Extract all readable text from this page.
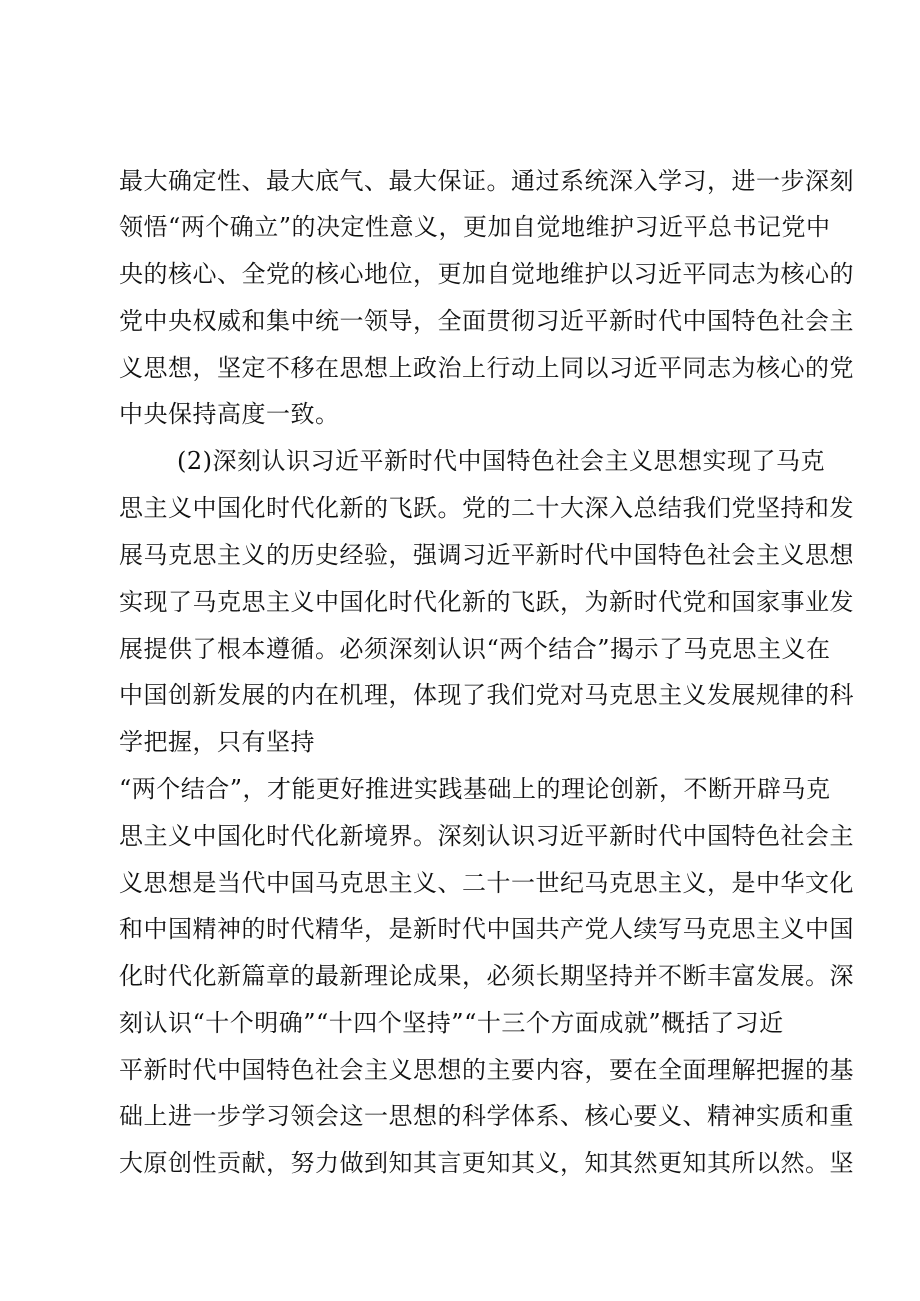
最大确定性、最大底气、最大保证。通过系统深入学习，进一步深刻
领悟“两个确立”的决定性意义，更加自觉地维护习近平总书记党中
央的核心、全党的核心地位，更加自觉地维护以习近平同志为核心的
党中央权威和集中统一领导，全面贯彻习近平新时代中国特色社会主
义思想，坚定不移在思想上政治上行动上同以习近平同志为核心的党
中央保持高度一致。
(2)深刻认识习近平新时代中国特色社会主义思想实现了马克
思主义中国化时代化新的飞跃。党的二十大深入总结我们党坚持和发
展马克思主义的历史经验，强调习近平新时代中国特色社会主义思想
实现了马克思主义中国化时代化新的飞跃，为新时代党和国家事业发
展提供了根本遵循。必须深刻认识“两个结合”揭示了马克思主义在
中国创新发展的内在机理，体现了我们党对马克思主义发展规律的科
学把握，只有坚持
“两个结合”，才能更好推进实践基础上的理论创新，不断开辟马克
思主义中国化时代化新境界。深刻认识习近平新时代中国特色社会主
义思想是当代中国马克思主义、二十一世纪马克思主义，是中华文化
和中国精神的时代精华，是新时代中国共产党人续写马克思主义中国
化时代化新篇章的最新理论成果，必须长期坚持并不断丰富发展。深
刻认识“十个明确”“十四个坚持”“十三个方面成就”概括了习近
平新时代中国特色社会主义思想的主要内容，要在全面理解把握的基
础上进一步学习领会这一思想的科学体系、核心要义、精神实质和重
大原创性贡献，努力做到知其言更知其义，知其然更知其所以然。坚
